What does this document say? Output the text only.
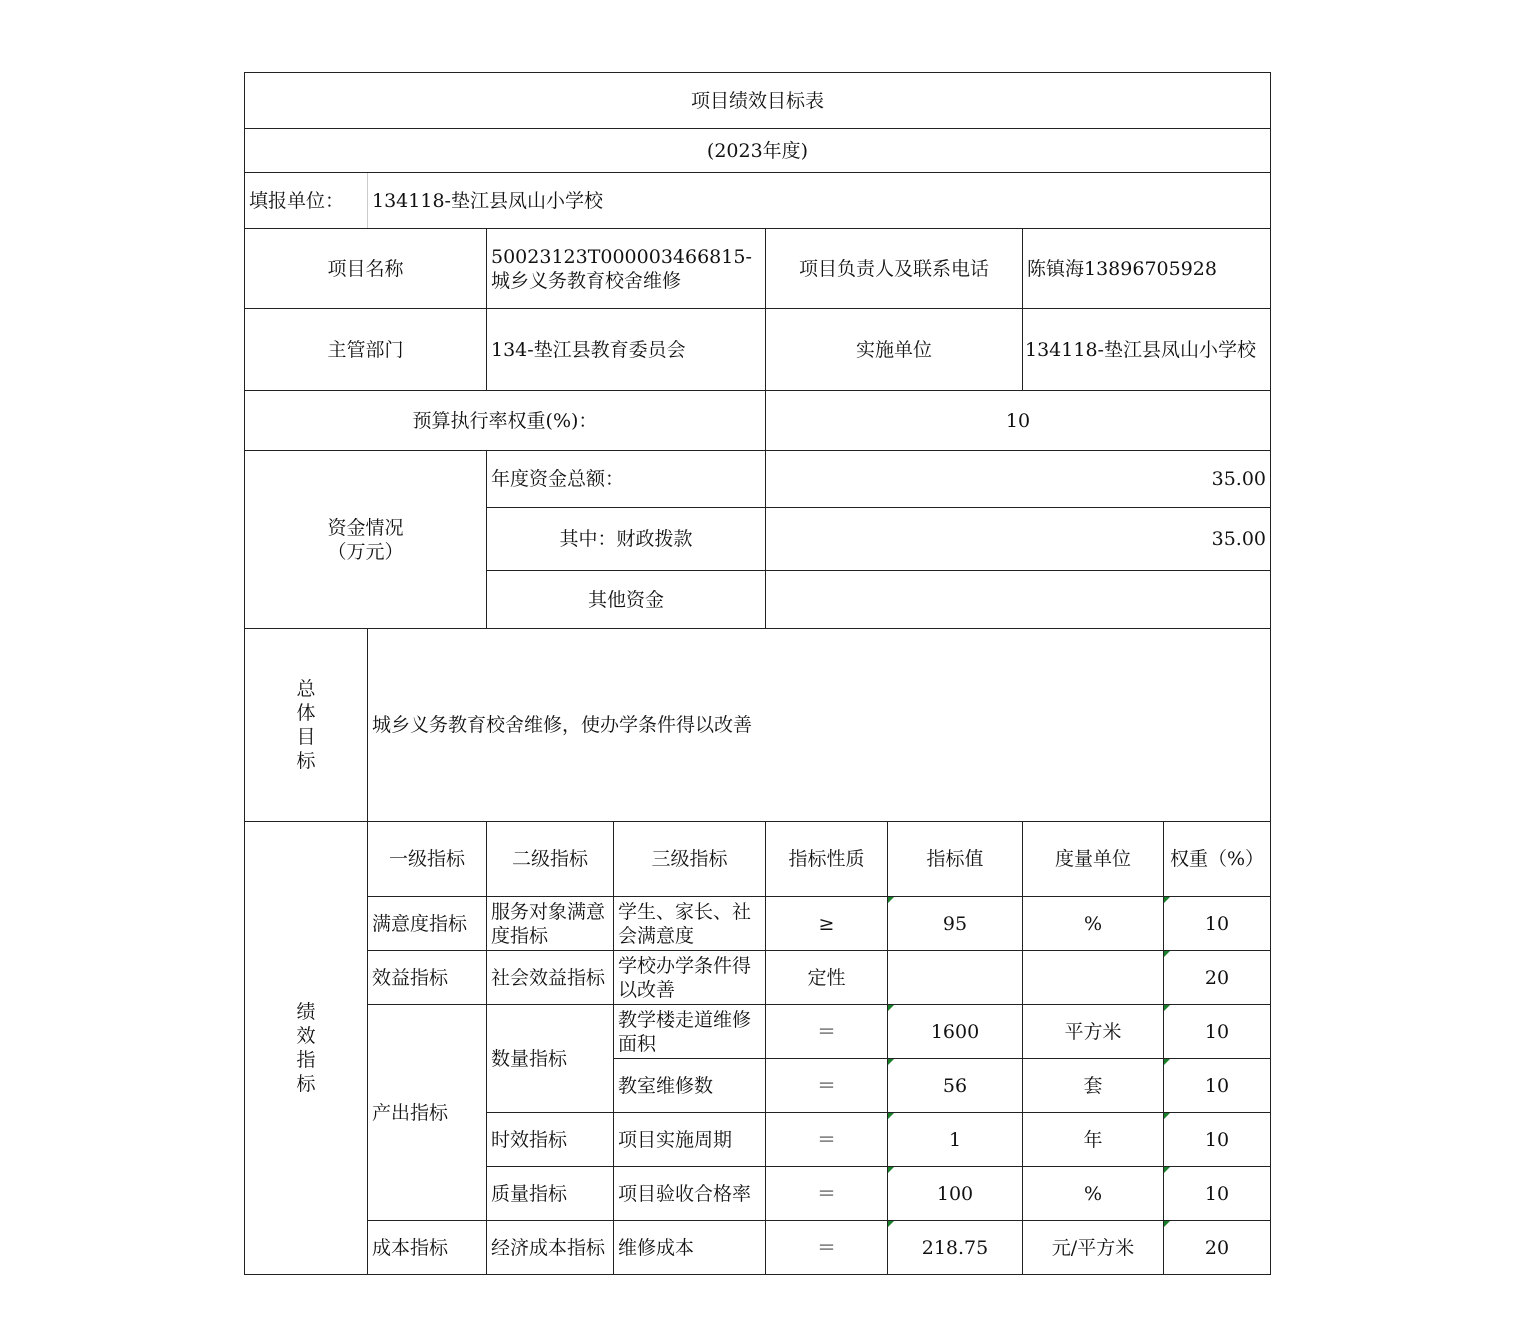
项目绩效目标表							
(2023年度)							
填报单位：	134118-垫江县凤山小学校						
项目名称		50023123T000003466815-城乡义务教育校舍维修		项目负责人及联系电话		陈镇海13896705928	
主管部门		134-垫江县教育委员会		实施单位		134118-垫江县凤山小学校	
预算执行率权重(%)：				10			

资金情况
（万元）		年度资金总额：		35.00			
		其中：财政拨款		35.00			
		其他资金					
总体目标	城乡义务教育校舍维修，使办学条件得以改善						
绩效指标	一级指标	二级指标	三级指标	指标性质	指标值	度量单位	权重（%）
	满意度指标	服务对象满意度指标	学生、家长、社会满意度	≥	95	%	10
	效益指标	社会效益指标	学校办学条件得以改善	定性			20
	产出指标	数量指标	教学楼走道维修面积	＝	1600	平方米	10
			教室维修数	＝	56	套	10
		时效指标	项目实施周期	＝	1	年	10
		质量指标	项目验收合格率	＝	100	%	10
	成本指标	经济成本指标	维修成本	＝	218.75	元/平方米	20
